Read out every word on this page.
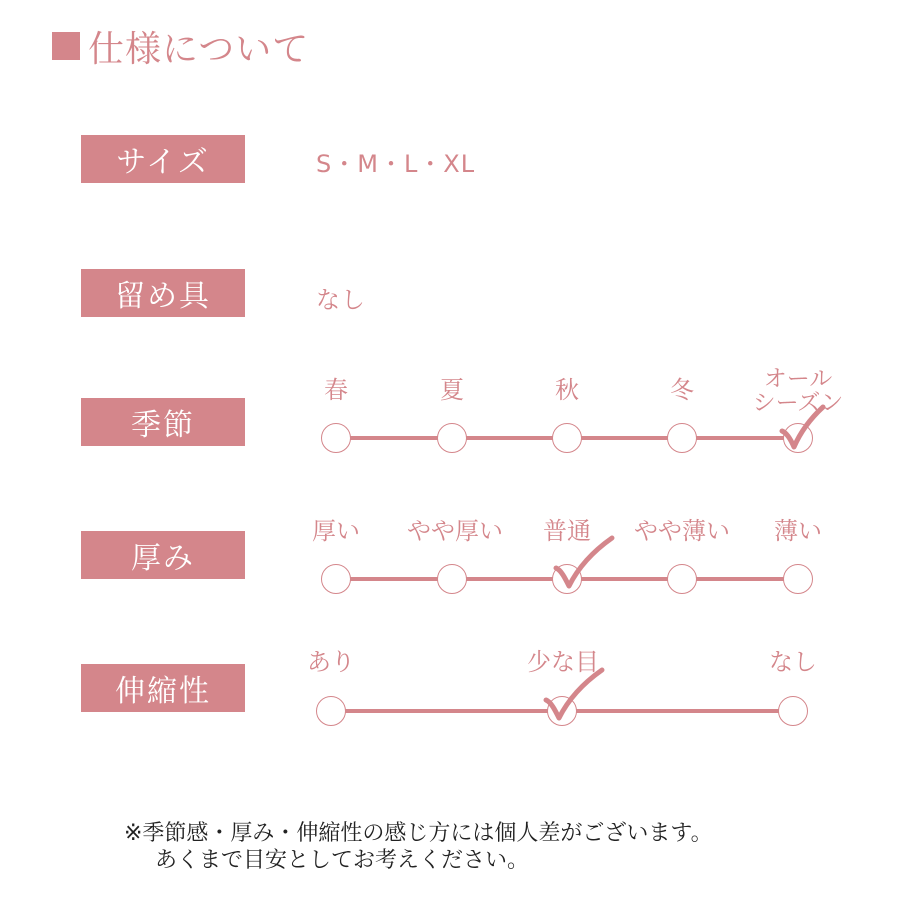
仕様について
サイズ	S・M・L・XL
留め具	なし
季節
春	夏	秋	冬	オール
シーズン
厚み
厚い やや厚い 普通 やや薄い 薄い
伸縮性
あり	少な目	なし
※季節感・厚み・伸縮性の感じ方には個人差がございます。
あくまで目安としてお考えください。
